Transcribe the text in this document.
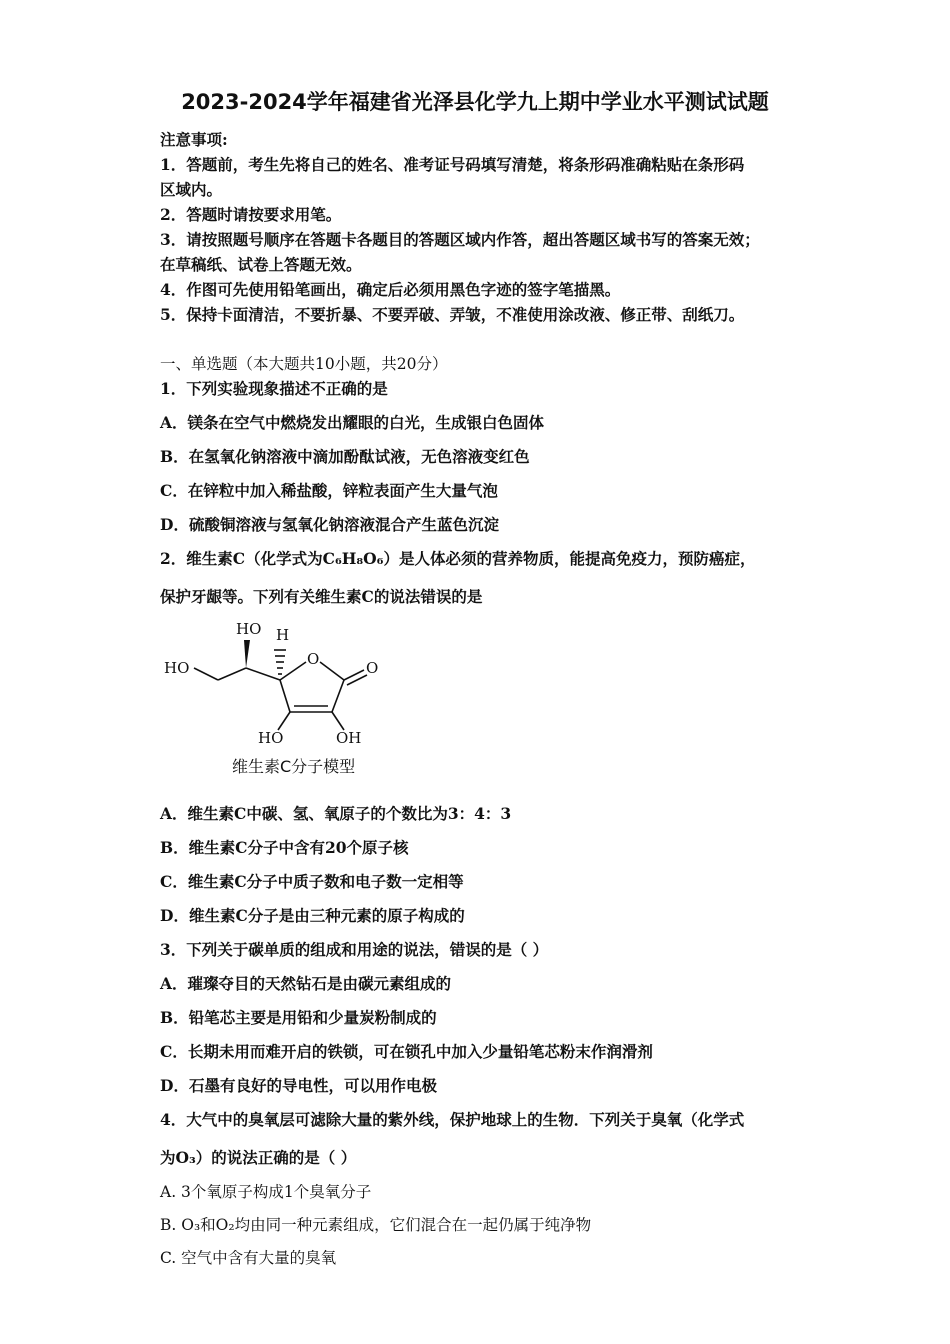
2023-2024学年福建省光泽县化学九上期中学业水平测试试题
注意事项:
1．答题前，考生先将自己的姓名、准考证号码填写清楚，将条形码准确粘贴在条形码
区域内。
2．答题时请按要求用笔。
3．请按照题号顺序在答题卡各题目的答题区域内作答，超出答题区域书写的答案无效；
在草稿纸、试卷上答题无效。
4．作图可先使用铅笔画出，确定后必须用黑色字迹的签字笔描黑。
5．保持卡面清洁，不要折暴、不要弄破、弄皱，不准使用涂改液、修正带、刮纸刀。
一、单选题（本大题共10小题，共20分）
1．下列实验现象描述不正确的是
A．镁条在空气中燃烧发出耀眼的白光，生成银白色固体
B．在氢氧化钠溶液中滴加酚酞试液，无色溶液变红色
C．在锌粒中加入稀盐酸，锌粒表面产生大量气泡
D．硫酸铜溶液与氢氧化钠溶液混合产生蓝色沉淀
2．维生素C（化学式为C₆H₈O₆）是人体必须的营养物质，能提高免疫力，预防癌症，
保护牙龈等。下列有关维生素C的说法错误的是
HO H
HO	O	O
HO	OH
维生素C分子模型
A．维生素C中碳、氢、氧原子的个数比为3：4：3
B．维生素C分子中含有20个原子核
C．维生素C分子中质子数和电子数一定相等
D．维生素C分子是由三种元素的原子构成的
3．下列关于碳单质的组成和用途的说法，错误的是（ ）
A．璀璨夺目的天然钻石是由碳元素组成的
B．铅笔芯主要是用铅和少量炭粉制成的
C．长期未用而难开启的铁锁，可在锁孔中加入少量铅笔芯粉末作润滑剂
D．石墨有良好的导电性，可以用作电极
4．大气中的臭氧层可滤除大量的紫外线，保护地球上的生物．下列关于臭氧（化学式
为O₃）的说法正确的是（ ）
A. 3个氧原子构成1个臭氧分子
B. O₃和O₂均由同一种元素组成，它们混合在一起仍属于纯净物
C. 空气中含有大量的臭氧
